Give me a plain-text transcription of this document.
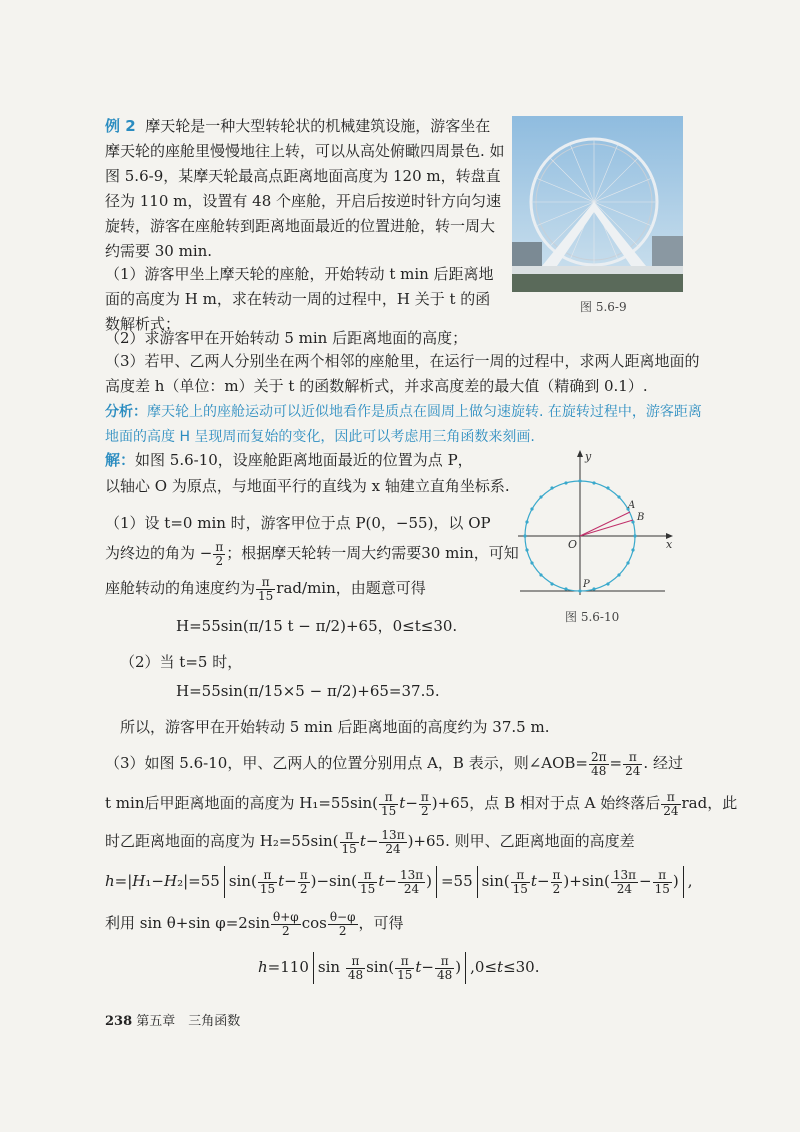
例 2 摩天轮是一种大型转轮状的机械建筑设施，游客坐在摩天轮的座舱里慢慢地往上转，可以从高处俯瞰四周景色. 如图 5.6-9，某摩天轮最高点距离地面高度为 120 m，转盘直径为 110 m，设置有 48 个座舱，开启后按逆时针方向匀速旋转，游客在座舱转到距离地面最近的位置进舱，转一周大约需要 30 min.
（1）游客甲坐上摩天轮的座舱，开始转动 t min 后距离地面的高度为 H m，求在转动一周的过程中，H 关于 t 的函数解析式；
（2）求游客甲在开始转动 5 min 后距离地面的高度；
（3）若甲、乙两人分别坐在两个相邻的座舱里，在运行一周的过程中，求两人距离地面的高度差 h（单位：m）关于 t 的函数解析式，并求高度差的最大值（精确到 0.1）.
图 5.6-9
分析：摩天轮上的座舱运动可以近似地看作是质点在圆周上做匀速旋转. 在旋转过程中，游客距离地面的高度 H 呈现周而复始的变化，因此可以考虑用三角函数来刻画.
解：如图 5.6-10，设座舱距离地面最近的位置为点 P，
以轴心 O 为原点，与地面平行的直线为 x 轴建立直角坐标系.
（1）设 t=0 min 时，游客甲位于点 P(0，−55)，以 OP
为终边的角为 − $\frac{\pi}{2}$ ；根据摩天轮转一周大约需要30 min，可知
座舱转动的角速度约为 $\frac{\pi}{15} rad/\min$，由题意可得
H=55sin(π/15 t − π/2)+65，0≤t≤30.
（2）当 t=5 时，
H=55sin(π/15×5 − π/2)+65=37.5.
所以，游客甲在开始转动 5 min 后距离地面的高度约为 37.5 m.
（3）如图 5.6-10，甲、乙两人的位置分别用点 A，B 表示，则∠AOB= $\frac{2\pi}{48} = \frac{\pi}{24}$ . 经过
t min后甲距离地面的高度为 $H_1=55\sin( \frac{\pi}{15} t- \frac{\pi}{2} )+65$，点 B 相对于点 A 始终落后 $\frac{\pi}{24}$ rad，此
时乙距离地面的高度为 $H_2=55\sin( \frac{\pi}{15} t- \frac{13\pi}{24} )+65$. 则甲、乙距离地面的高度差
h=|H₁−H₂|=55 $\sin( \frac{\pi}{15} t- \frac{\pi}{2} )-\sin( \frac{\pi}{15} t- \frac{13\pi}{24}$ ) =55 $\sin( \frac{\pi}{15} t- \frac{\pi}{2} )+\sin( \frac{13\pi}{24} - \frac{\pi}{15}$ ) ,
利用 sin θ+sin $\varphi=2\sin \frac{\theta+\varphi}{2}$ $\cos \frac{\theta-\varphi}{2}$ ，可得
h=110 $\sin \frac{\pi}{48} \sin( \frac{\pi}{15} t- \frac{\pi}{48}$ ) ,0≤t≤30.
y
x
O
A
B
P
图 5.6-10
238 第五章　三角函数
